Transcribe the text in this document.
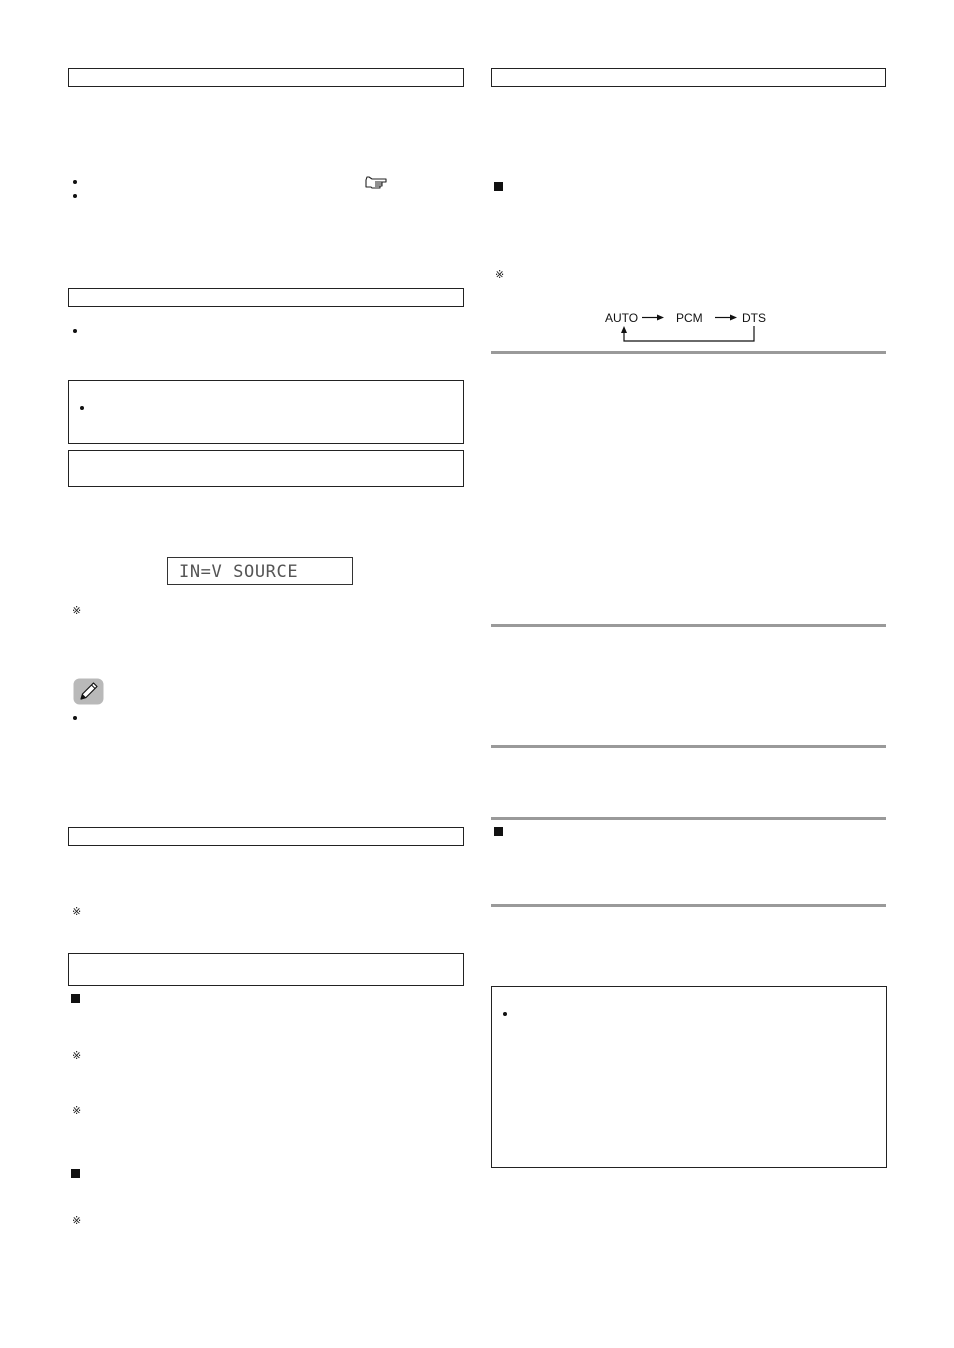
IN=V SOURCE
※
※
※
※
※
※
AUTO	PCM	DTS
